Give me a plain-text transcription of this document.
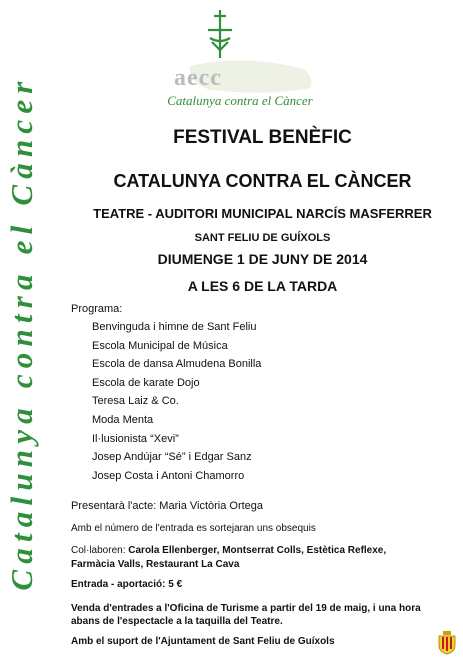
Catalunya contra el Càncer	aecc
Catalunya contra el Càncer
FESTIVAL BENÈFIC
CATALUNYA CONTRA EL CÀNCER
TEATRE - AUDITORI MUNICIPAL NARCÍS MASFERRER
SANT FELIU DE GUÍXOLS
DIUMENGE 1 DE JUNY DE 2014
A LES 6 DE LA TARDA
Programa:
Benvinguda i himne de Sant Feliu
Escola Municipal de Música
Escola de dansa Almudena Bonilla
Escola de karate Dojo
Teresa Laiz & Co.
Moda Menta
Il·lusionista “Xevi”
Josep Andújar “Sé” i Edgar Sanz
Josep Costa i Antoni Chamorro
Presentarà l'acte: Maria Victòria Ortega
Amb el número de l'entrada es sortejaran uns obsequis
Col·laboren: Carola Ellenberger, Montserrat Colls, Estètica Reflexe, Farmàcia Valls, Restaurant La Cava
Entrada - aportació: 5 €
Venda d'entrades a l'Oficina de Turisme a partir del 19 de maig, i una hora abans de l'espectacle a la taquilla del Teatre.
Amb el suport de l'Ajuntament de Sant Feliu de Guíxols
